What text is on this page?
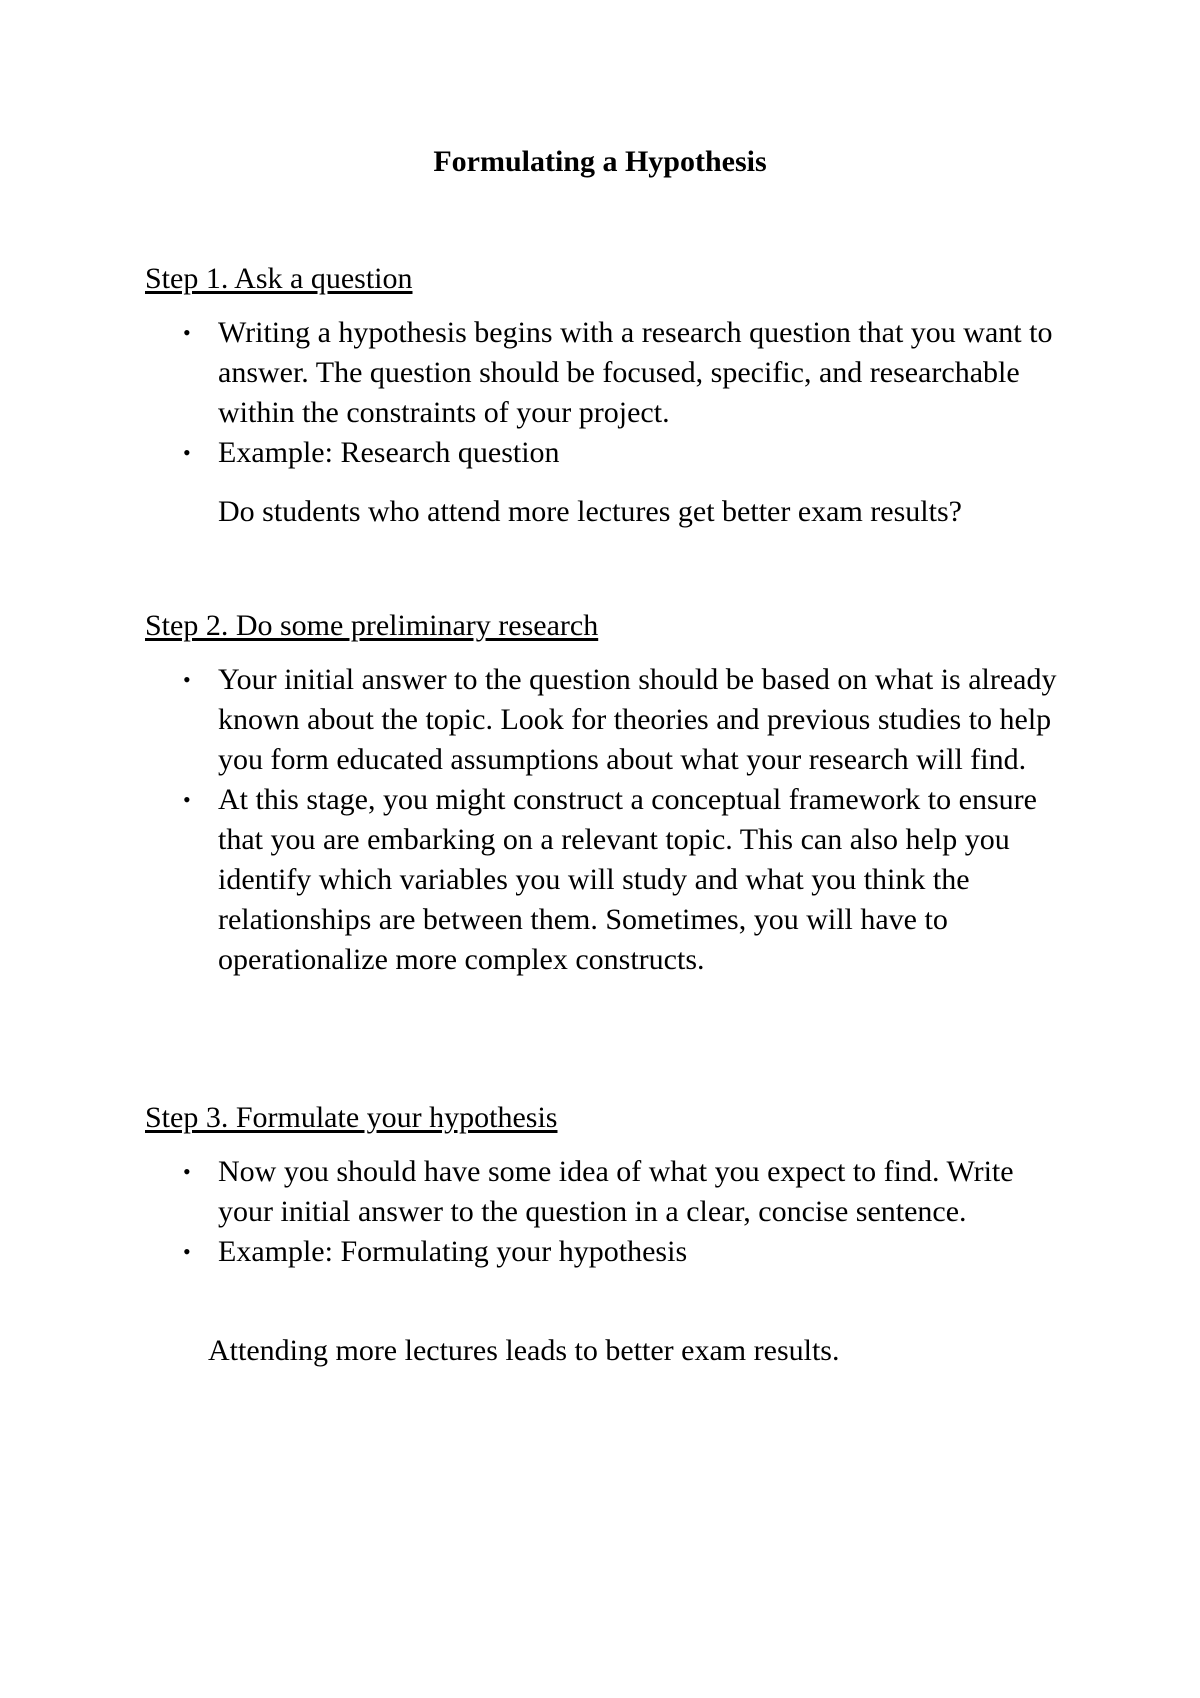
Formulating a Hypothesis

Step 1. Ask a question

• Writing a hypothesis begins with a research question that you want to answer. The question should be focused, specific, and researchable within the constraints of your project.
• Example: Research question

Do students who attend more lectures get better exam results?

Step 2. Do some preliminary research

• Your initial answer to the question should be based on what is already known about the topic. Look for theories and previous studies to help you form educated assumptions about what your research will find.
• At this stage, you might construct a conceptual framework to ensure that you are embarking on a relevant topic. This can also help you identify which variables you will study and what you think the relationships are between them. Sometimes, you will have to operationalize more complex constructs.

Step 3. Formulate your hypothesis

• Now you should have some idea of what you expect to find. Write your initial answer to the question in a clear, concise sentence.
• Example: Formulating your hypothesis

Attending more lectures leads to better exam results.
